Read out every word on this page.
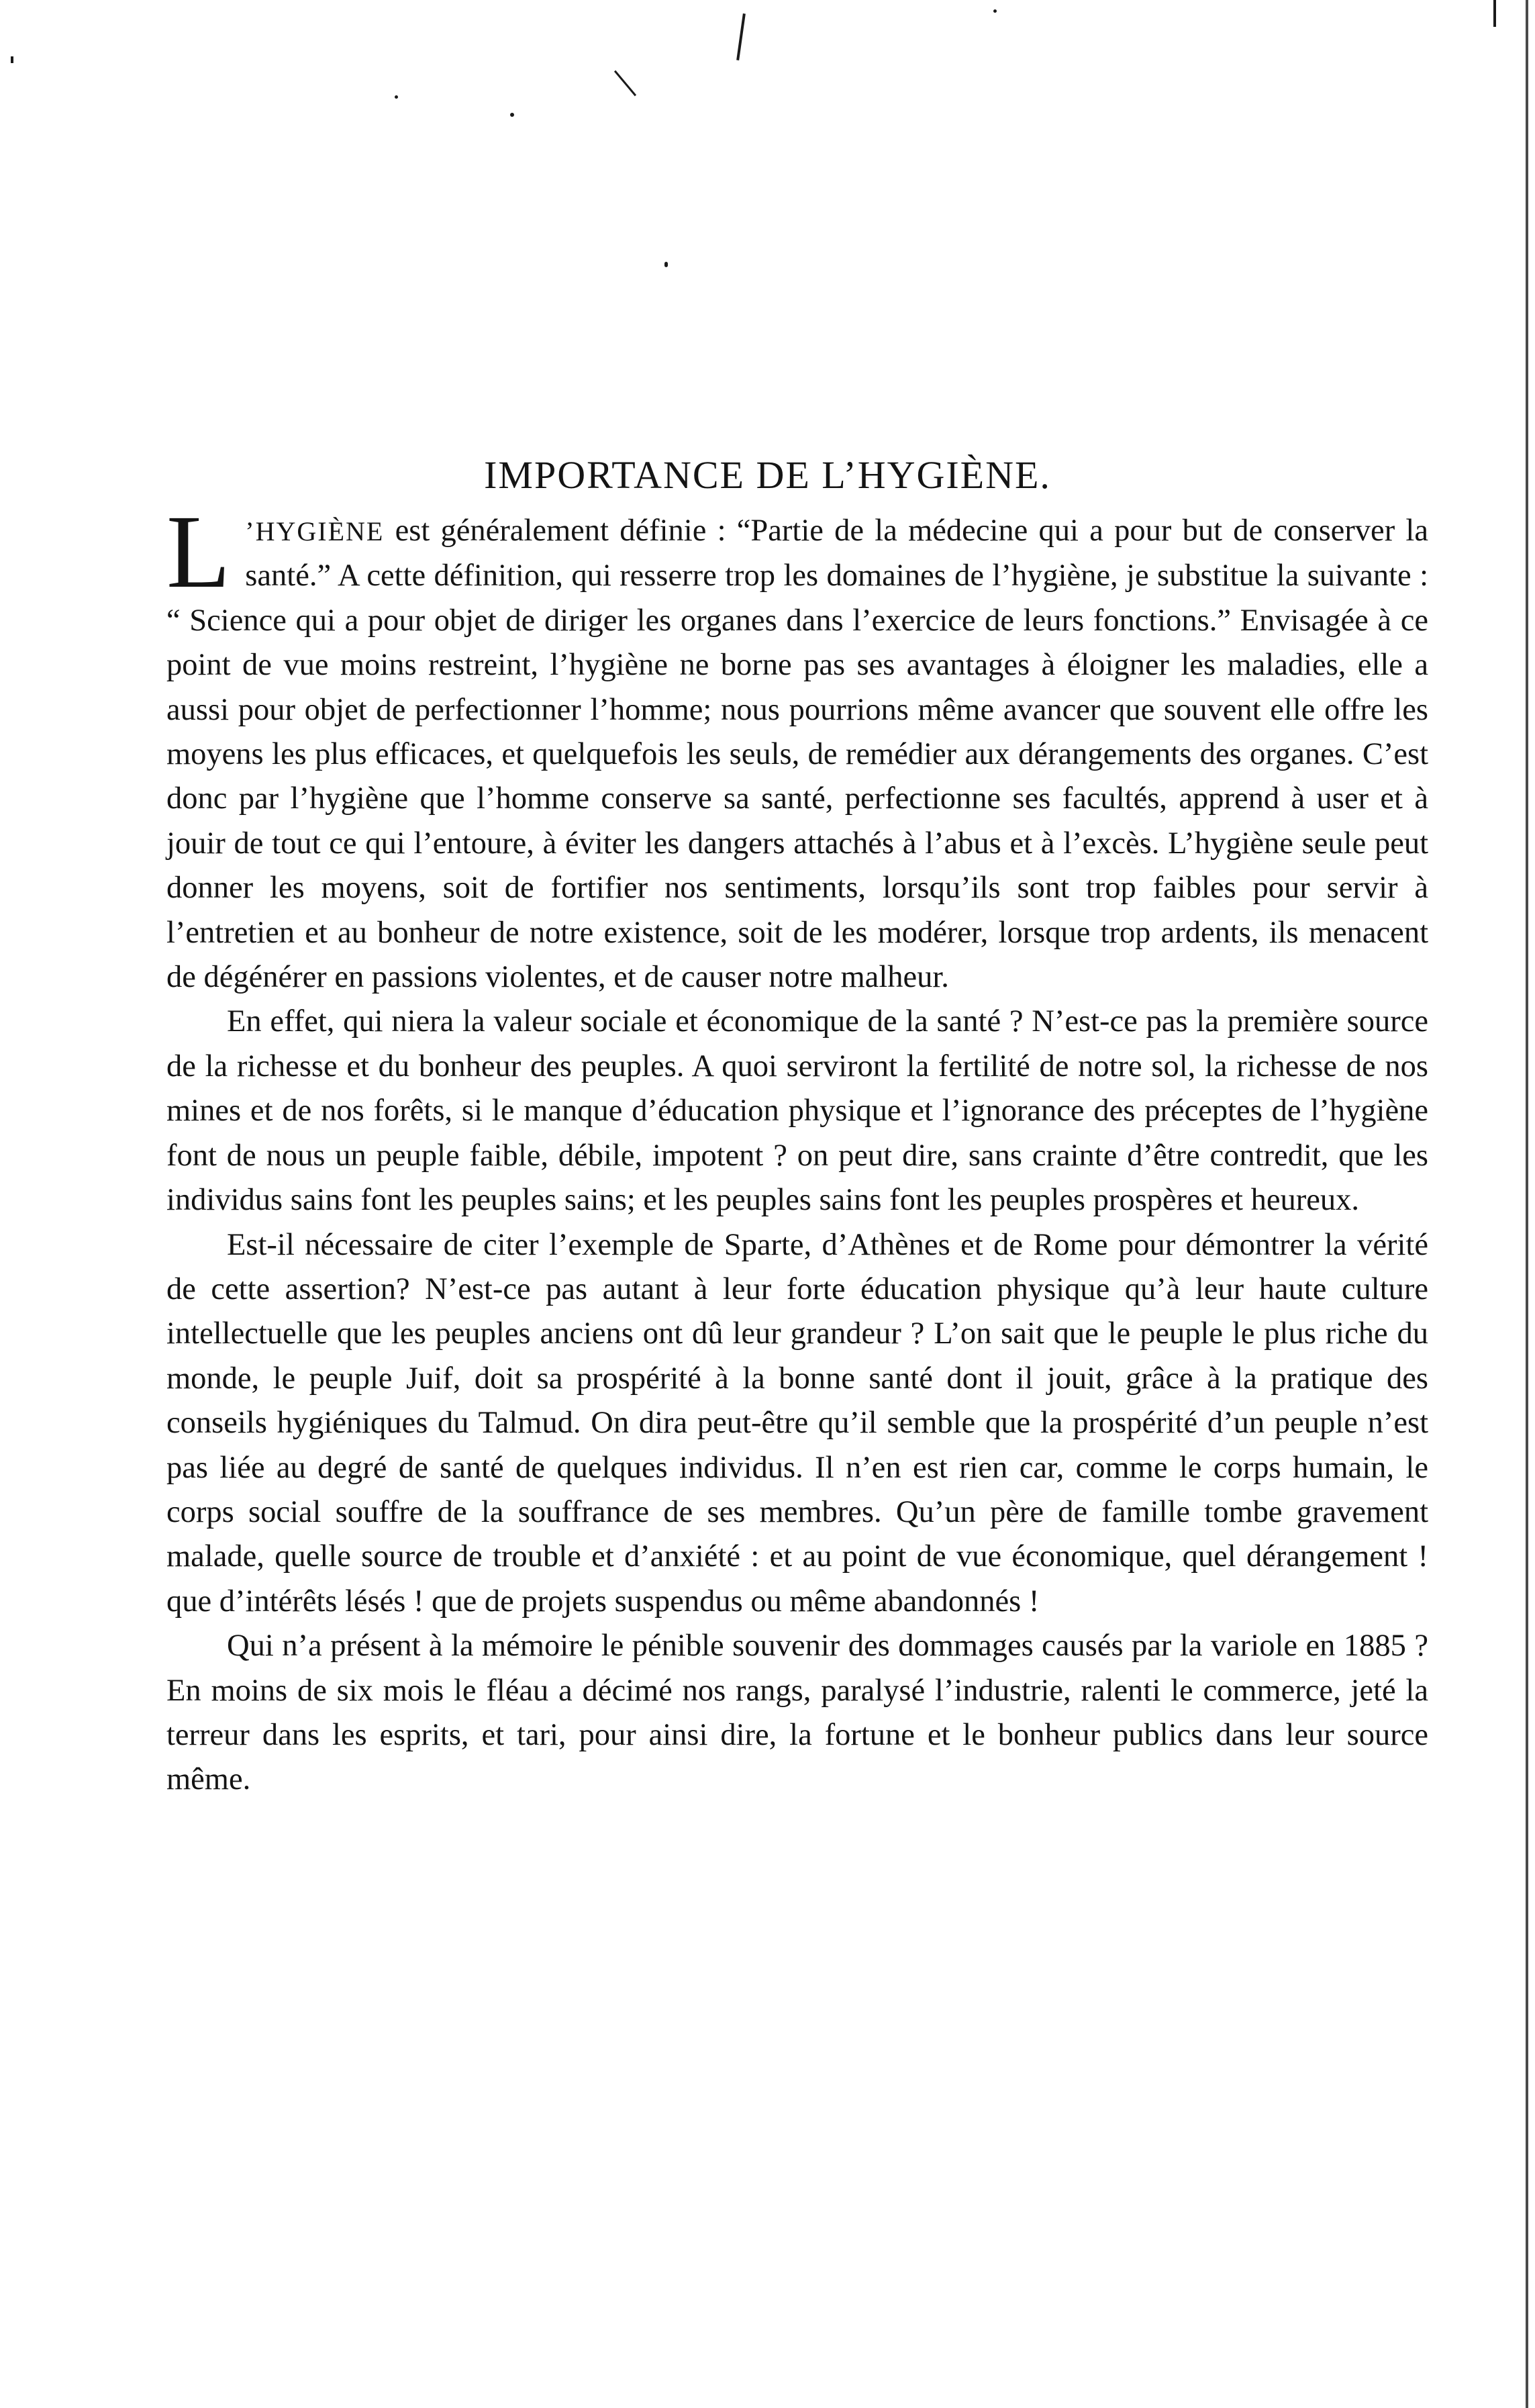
IMPORTANCE DE L’HYGIÈNE.

L ’HYGIÈNE est généralement définie : “Partie de la médecine qui a pour but de conserver la santé.” A cette définition, qui resserre trop les domaines de l’hygiène, je substitue la suivante : “ Science qui a pour objet de diriger les organes dans l’exercice de leurs fonctions.” Envisagée à ce point de vue moins restreint, l’hygiène ne borne pas ses avantages à éloigner les maladies, elle a aussi pour objet de perfectionner l’homme; nous pourrions même avancer que souvent elle offre les moyens les plus efficaces, et quelquefois les seuls, de remédier aux dérangements des organes. C’est donc par l’hygiène que l’homme conserve sa santé, perfectionne ses facultés, apprend à user et à jouir de tout ce qui l’entoure, à éviter les dangers attachés à l’abus et à l’excès. L’hygiène seule peut donner les moyens, soit de fortifier nos sentiments, lorsqu’ils sont trop faibles pour servir à l’entretien et au bonheur de notre existence, soit de les modérer, lorsque trop ardents, ils menacent de dégénérer en passions violentes, et de causer notre malheur.

En effet, qui niera la valeur sociale et économique de la santé ? N’est-ce pas la première source de la richesse et du bonheur des peuples. A quoi serviront la fertilité de notre sol, la richesse de nos mines et de nos forêts, si le manque d’éducation physique et l’ignorance des préceptes de l’hygiène font de nous un peuple faible, débile, impotent ? on peut dire, sans crainte d’être contredit, que les individus sains font les peuples sains; et les peuples sains font les peuples prospères et heureux.

Est-il nécessaire de citer l’exemple de Sparte, d’Athènes et de Rome pour démontrer la vérité de cette assertion? N’est-ce pas autant à leur forte éducation physique qu’à leur haute culture intellectuelle que les peuples anciens ont dû leur grandeur ? L’on sait que le peuple le plus riche du monde, le peuple Juif, doit sa prospérité à la bonne santé dont il jouit, grâce à la pratique des conseils hygiéniques du Talmud. On dira peut-être qu’il semble que la prospérité d’un peuple n’est pas liée au degré de santé de quelques individus. Il n’en est rien car, comme le corps humain, le corps social souffre de la souffrance de ses membres. Qu’un père de famille tombe gravement malade, quelle source de trouble et d’anxiété : et au point de vue économique, quel dérangement ! que d’intérêts lésés ! que de projets suspendus ou même abandonnés !

Qui n’a présent à la mémoire le pénible souvenir des dommages causés par la variole en 1885 ? En moins de six mois le fléau a décimé nos rangs, paralysé l’industrie, ralenti le commerce, jeté la terreur dans les esprits, et tari, pour ainsi dire, la fortune et le bonheur publics dans leur source même.
